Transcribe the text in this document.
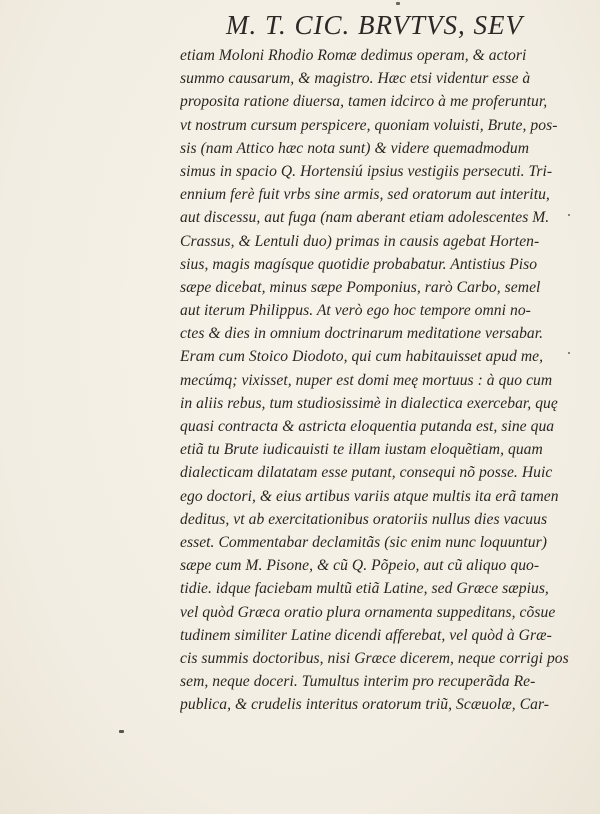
M. T. CIC. BRVTVS, SEV
etiam Moloni Rhodio Romæ dedimus operam, & actori
summo causarum, & magistro. Hæc etsi videntur esse à
proposita ratione diuersa, tamen idcirco à me proferuntur,
vt nostrum cursum perspicere, quoniam voluisti, Brute, pos-
sis (nam Attico hæc nota sunt) & videre quemadmodum
simus in spacio Q. Hortensiú ipsius vestigiis persecuti. Tri-
ennium ferè fuit vrbs sine armis, sed oratorum aut interitu,
aut discessu, aut fuga (nam aberant etiam adolescentes M.
Crassus, & Lentuli duo) primas in causis agebat Horten-
sius, magis magísque quotidie probabatur. Antistius Piso
sæpe dicebat, minus sæpe Pomponius, rarò Carbo, semel
aut iterum Philippus. At verò ego hoc tempore omni no-
ctes & dies in omnium doctrinarum meditatione versabar.
Eram cum Stoico Diodoto, qui cum habitauisset apud me,
mecúmq; vixisset, nuper est domi meę mortuus : à quo cum
in aliis rebus, tum studiosissimè in dialectica exercebar, quę
quasi contracta & astricta eloquentia putanda est, sine qua
etiã tu Brute iudicauisti te illam iustam eloquẽtiam, quam
dialecticam dilatatam esse putant, consequi nõ posse. Huic
ego doctori, & eius artibus variis atque multis ita erã tamen
deditus, vt ab exercitationibus oratoriis nullus dies vacuus
esset. Commentabar declamitãs (sic enim nunc loquuntur)
sæpe cum M. Pisone, & cũ Q. Põpeio, aut cũ aliquo quo-
tidie. idque faciebam multũ etiã Latine, sed Græce sæpius,
vel quòd Græca oratio plura ornamenta suppeditans, cõsue
tudinem similiter Latine dicendi afferebat, vel quòd à Græ-
cis summis doctoribus, nisi Græce dicerem, neque corrigi pos
sem, neque doceri. Tumultus interim pro recuperãda Re-
publica, & crudelis interitus oratorum triũ, Scæuolæ, Car-
